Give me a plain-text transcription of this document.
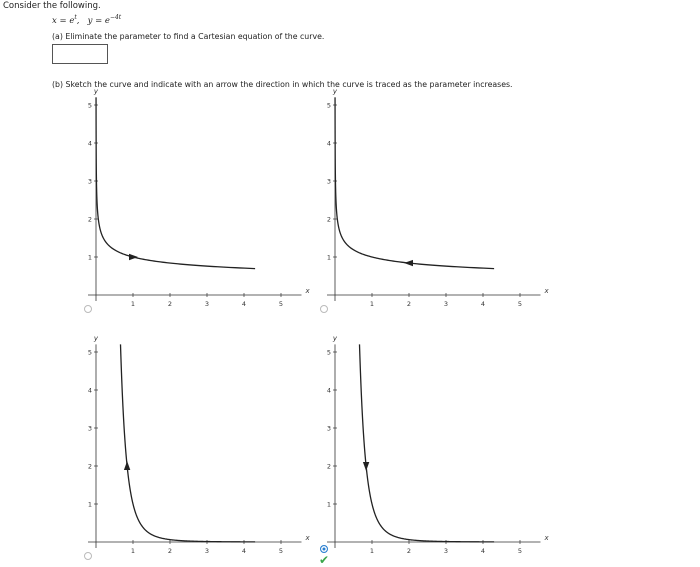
Consider the following.
$x = e^t$,   $y = e^{-4t}$
(a) Eliminate the parameter to find a Cartesian equation of the curve.
(b) Sketch the curve and indicate with an arrow the direction in which the curve is traced as the parameter increases.
1	2	3	4	5
1
2
3
4
5
x
y
1	2	3	4	5
1
2
3
4
5
x
y
1	2	3	4	5
1
2
3
4
5
x
y
1	2	3	4	5
1
2
3
4
5
x
y
✔
